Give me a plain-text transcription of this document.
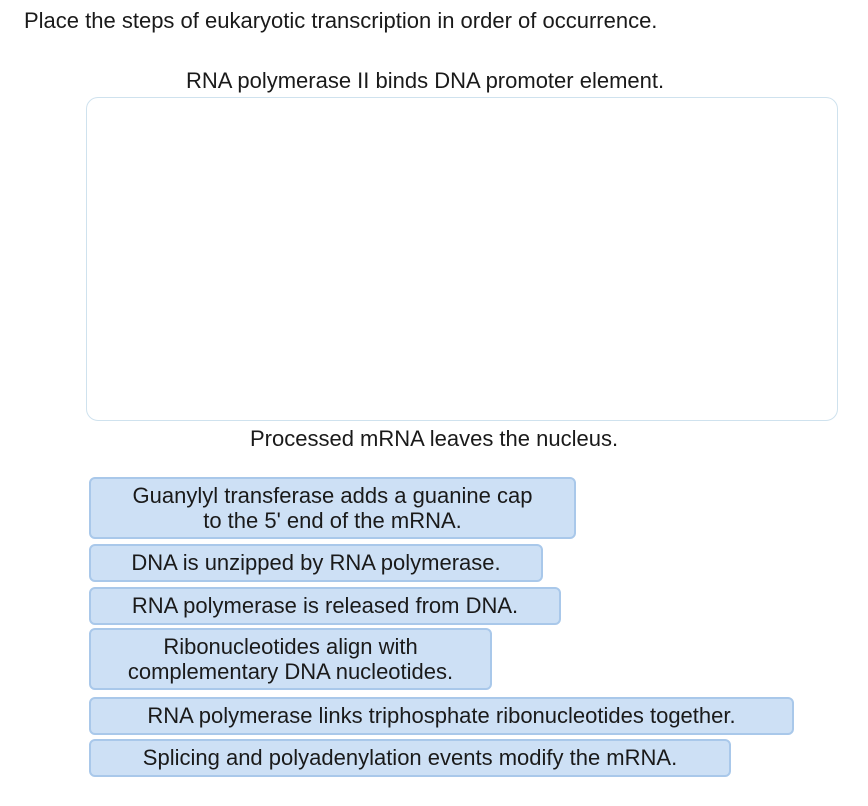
Place the steps of eukaryotic transcription in order of occurrence.
RNA polymerase II binds DNA promoter element.
Processed mRNA leaves the nucleus.
Guanylyl transferase adds a guanine cap
to the 5' end of the mRNA.
DNA is unzipped by RNA polymerase.
RNA polymerase is released from DNA.
Ribonucleotides align with
complementary DNA nucleotides.
RNA polymerase links triphosphate ribonucleotides together.
Splicing and polyadenylation events modify the mRNA.
